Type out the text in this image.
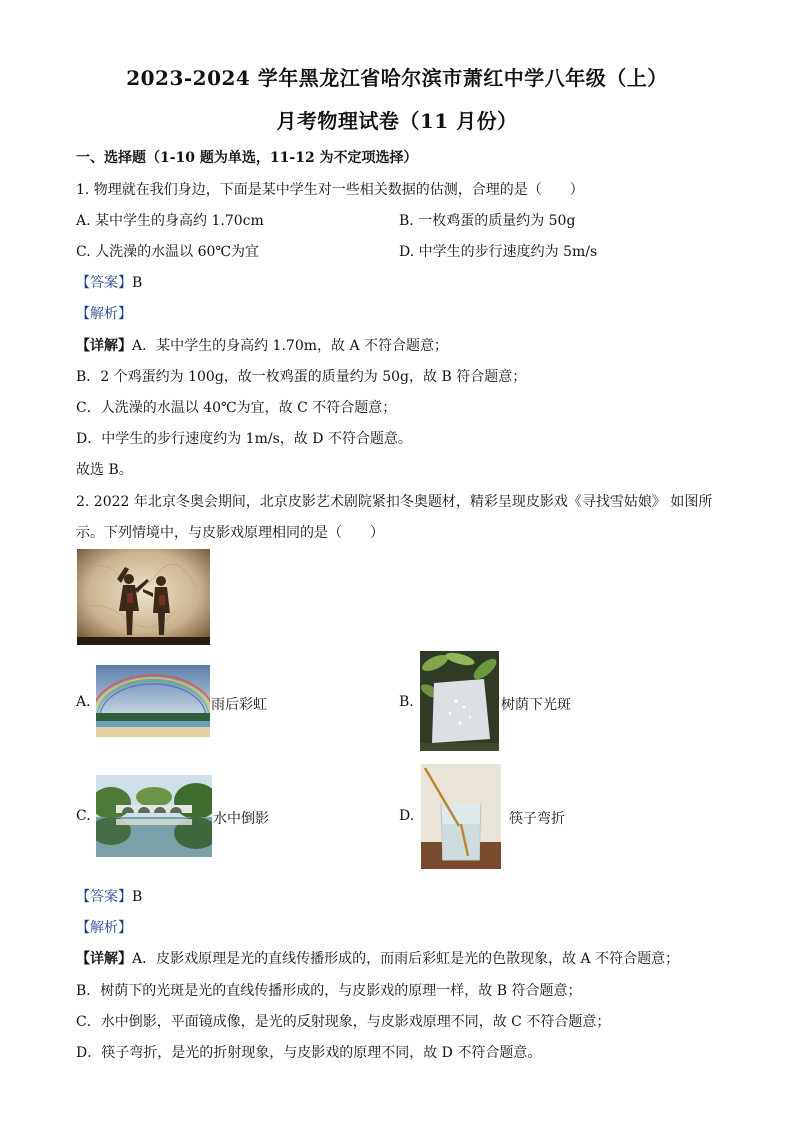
2023-2024 学年黑龙江省哈尔滨市萧红中学八年级（上）
月考物理试卷（11 月份）
一、选择题（1-10 题为单选，11-12 为不定项选择）
1. 物理就在我们身边，下面是某中学生对一些相关数据的估测，合理的是（　　）
A. 某中学生的身高约 1.70cm	B. 一枚鸡蛋的质量约为 50g
C. 人洗澡的水温以 60℃为宜	D. 中学生的步行速度约为 5m/s
【答案】B
【解析】
【详解】A．某中学生的身高约 1.70m，故 A 不符合题意；
B．2 个鸡蛋约为 100g，故一枚鸡蛋的质量约为 50g，故 B 符合题意；
C．人洗澡的水温以 40℃为宜，故 C 不符合题意；
D．中学生的步行速度约为 1m/s，故 D 不符合题意。
故选 B。
2. 2022 年北京冬奥会期间，北京皮影艺术剧院紧扣冬奥题材，精彩呈现皮影戏《寻找雪姑娘》 如图所
示。下列情境中，与皮影戏原理相同的是（　　）
A.	雨后彩虹	B.	树荫下光斑
C.	水中倒影	D.	筷子弯折
【答案】B
【解析】
【详解】A．皮影戏原理是光的直线传播形成的，而雨后彩虹是光的色散现象，故 A 不符合题意；
B．树荫下的光斑是光的直线传播形成的，与皮影戏的原理一样，故 B 符合题意；
C．水中倒影，平面镜成像，是光的反射现象，与皮影戏原理不同，故 C 不符合题意；
D．筷子弯折，是光的折射现象，与皮影戏的原理不同，故 D 不符合题意。
